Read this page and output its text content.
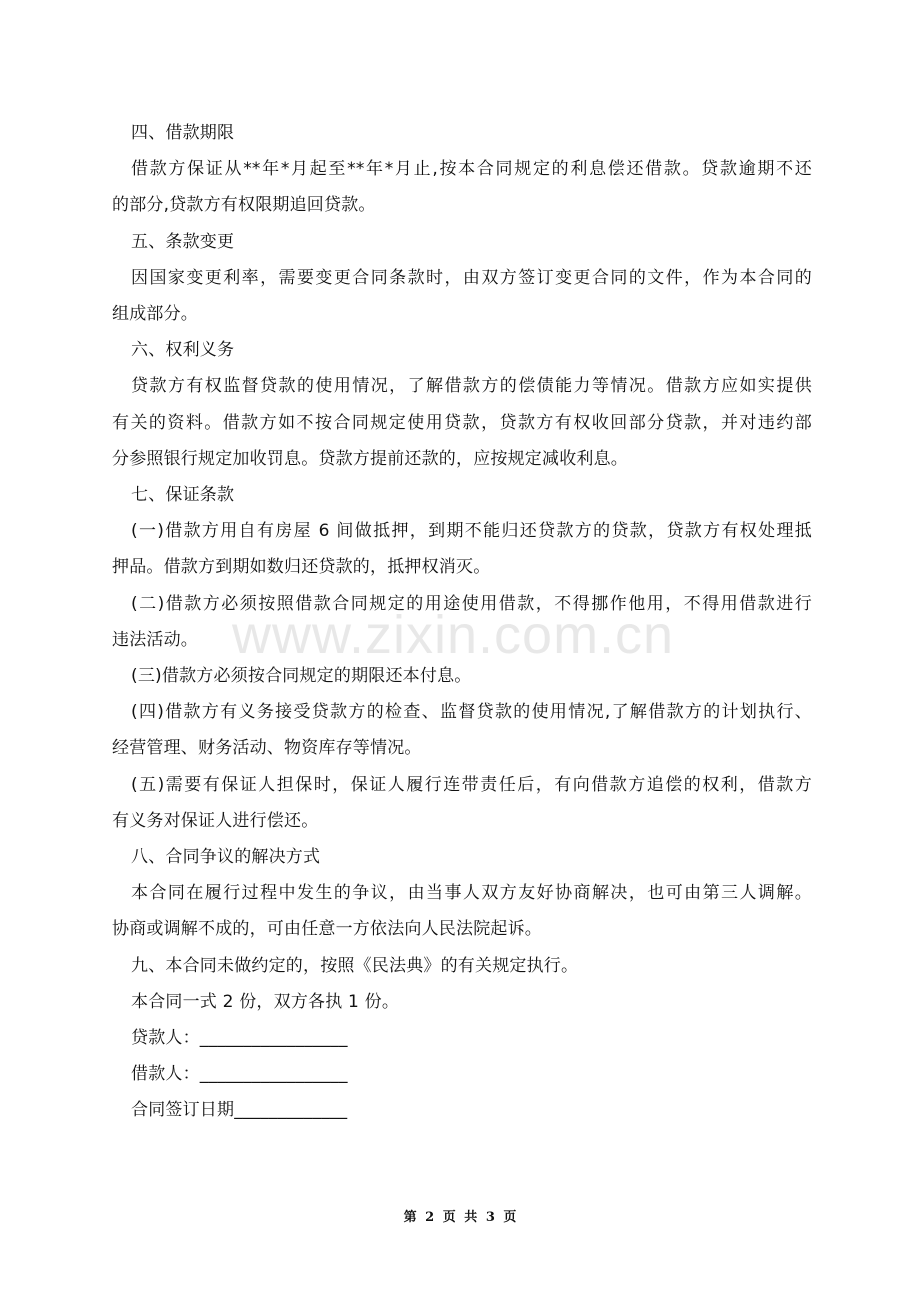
四、借款期限
借款方保证从**年*月起至**年*月止,按本合同规定的利息偿还借款。贷款逾期不还
的部分,贷款方有权限期追回贷款。
五、条款变更
因国家变更利率，需要变更合同条款时，由双方签订变更合同的文件，作为本合同的
组成部分。
六、权利义务
贷款方有权监督贷款的使用情况，了解借款方的偿债能力等情况。借款方应如实提供
有关的资料。借款方如不按合同规定使用贷款，贷款方有权收回部分贷款，并对违约部
分参照银行规定加收罚息。贷款方提前还款的，应按规定减收利息。
七、保证条款
(一)借款方用自有房屋 6 间做抵押，到期不能归还贷款方的贷款，贷款方有权处理抵
押品。借款方到期如数归还贷款的，抵押权消灭。
(二)借款方必须按照借款合同规定的用途使用借款，不得挪作他用，不得用借款进行
违法活动。
(三)借款方必须按合同规定的期限还本付息。
(四)借款方有义务接受贷款方的检查、监督贷款的使用情况,了解借款方的计划执行、
经营管理、财务活动、物资库存等情况。
(五)需要有保证人担保时，保证人履行连带责任后，有向借款方追偿的权利，借款方
有义务对保证人进行偿还。
八、合同争议的解决方式
本合同在履行过程中发生的争议，由当事人双方友好协商解决，也可由第三人调解。
协商或调解不成的，可由任意一方依法向人民法院起诉。
九、本合同未做约定的，按照《民法典》的有关规定执行。
本合同一式 2 份，双方各执 1 份。
贷款人：_________________
借款人：_________________
合同签订日期_____________
www.zixin.com.cn
第 2 页 共 3 页
